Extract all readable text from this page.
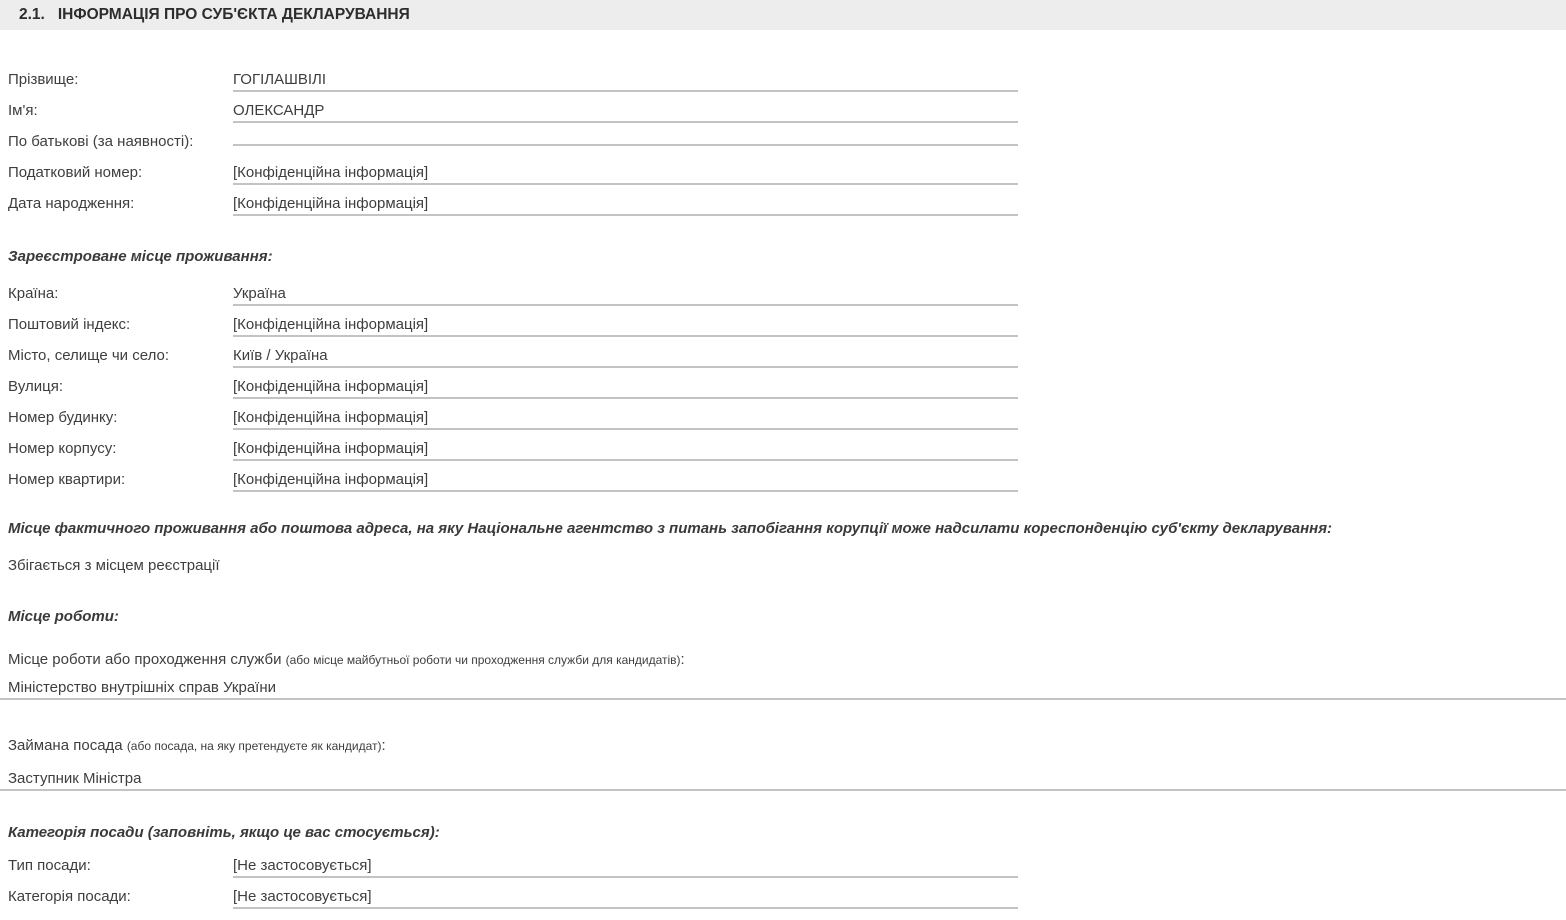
2.1. ІНФОРМАЦІЯ ПРО СУБ'ЄКТА ДЕКЛАРУВАННЯ
Прізвище:	ГОГІЛАШВІЛІ
Ім'я:	ОЛЕКСАНДР
По батькові (за наявності):
Податковий номер:	[Конфіденційна інформація]
Дата народження:	[Конфіденційна інформація]
Зареєстроване місце проживання:
Країна:	Україна
Поштовий індекс:	[Конфіденційна інформація]
Місто, селище чи село:	Київ / Україна
Вулиця:	[Конфіденційна інформація]
Номер будинку:	[Конфіденційна інформація]
Номер корпусу:	[Конфіденційна інформація]
Номер квартири:	[Конфіденційна інформація]
Місце фактичного проживання або поштова адреса, на яку Національне агентство з питань запобігання корупції може надсилати кореспонденцію суб'єкту декларування:
Збігається з місцем реєстрації
Місце роботи:
Місце роботи або проходження служби (або місце майбутньої роботи чи проходження служби для кандидатів):
Міністерство внутрішніх справ України
Займана посада (або посада, на яку претендуєте як кандидат):
Заступник Міністра
Категорія посади (заповніть, якщо це вас стосується):
Тип посади:	[Не застосовується]
Категорія посади:	[Не застосовується]
